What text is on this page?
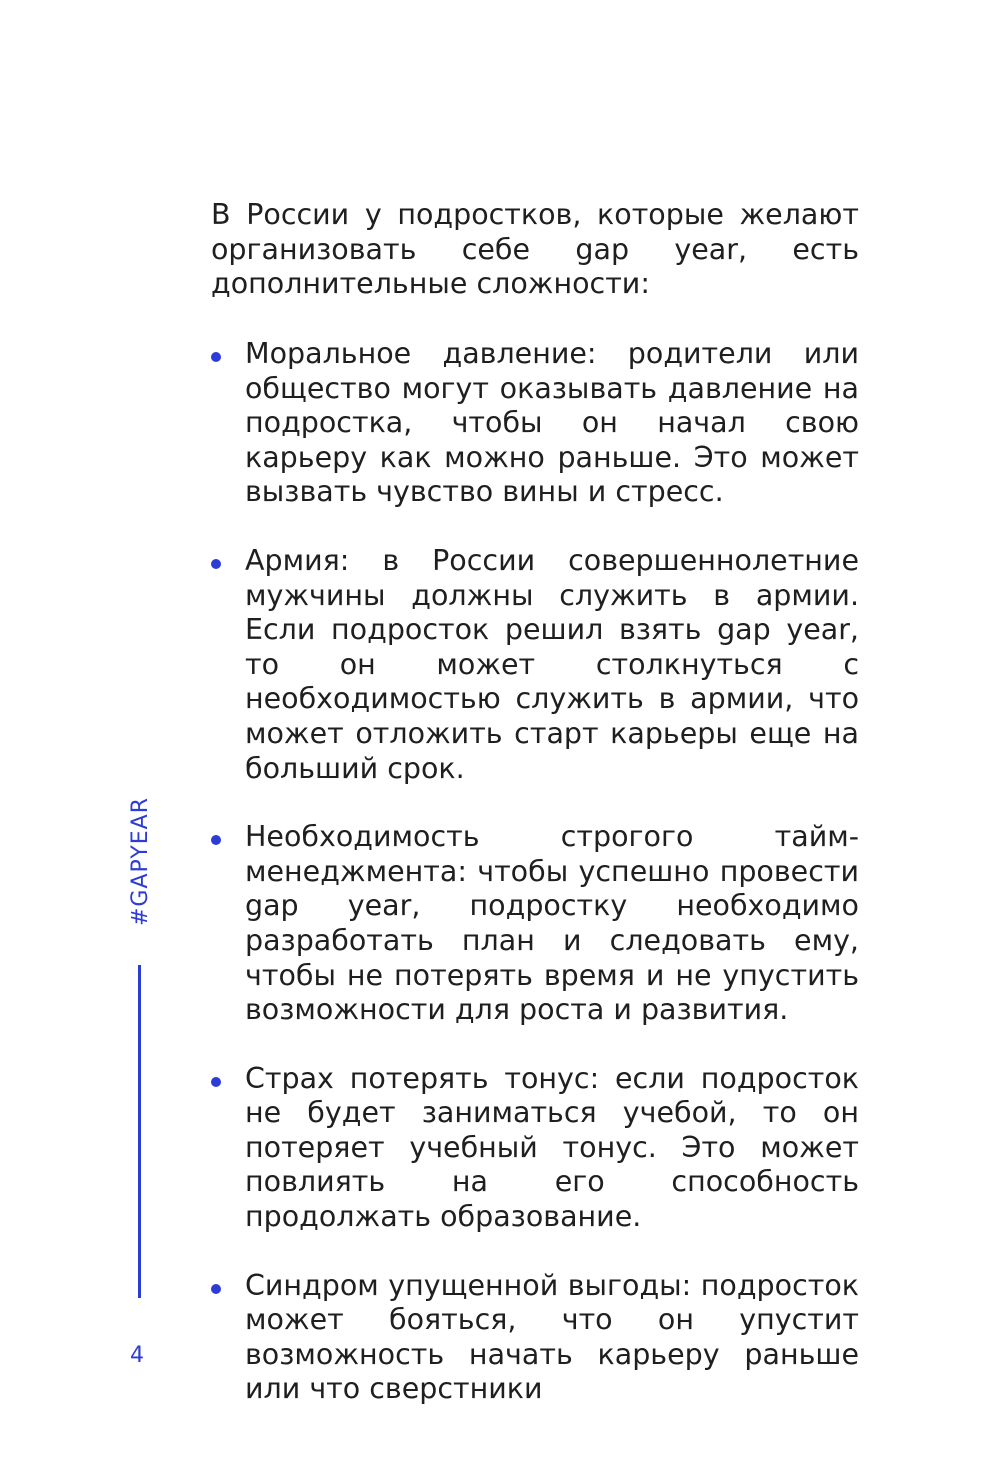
В России у подростков, которые желают организовать себе gap year, есть дополнительные сложности:

Моральное давление: родители или общество могут оказывать давление на подростка, чтобы он начал свою карьеру как можно раньше. Это может вызвать чувство вины и стресс.
Армия: в России совершеннолетние мужчины должны служить в армии. Если подросток решил взять gap year, то он может столкнуться с необходимостью служить в армии, что может отложить старт карьеры еще на больший срок.
Необходимость строгого тайм-менеджмента: чтобы успешно провести gap year, подростку необходимо разработать план и следовать ему, чтобы не потерять время и не упустить возможности для роста и развития.
Страх потерять тонус: если подросток не будет заниматься учебой, то он потеряет учебный тонус. Это может повлиять на его способность продолжать образование.
Синдром упущенной выгоды: подросток может бояться, что он упустит возможность начать карьеру раньше или что сверстники
#GAPYEAR
4
